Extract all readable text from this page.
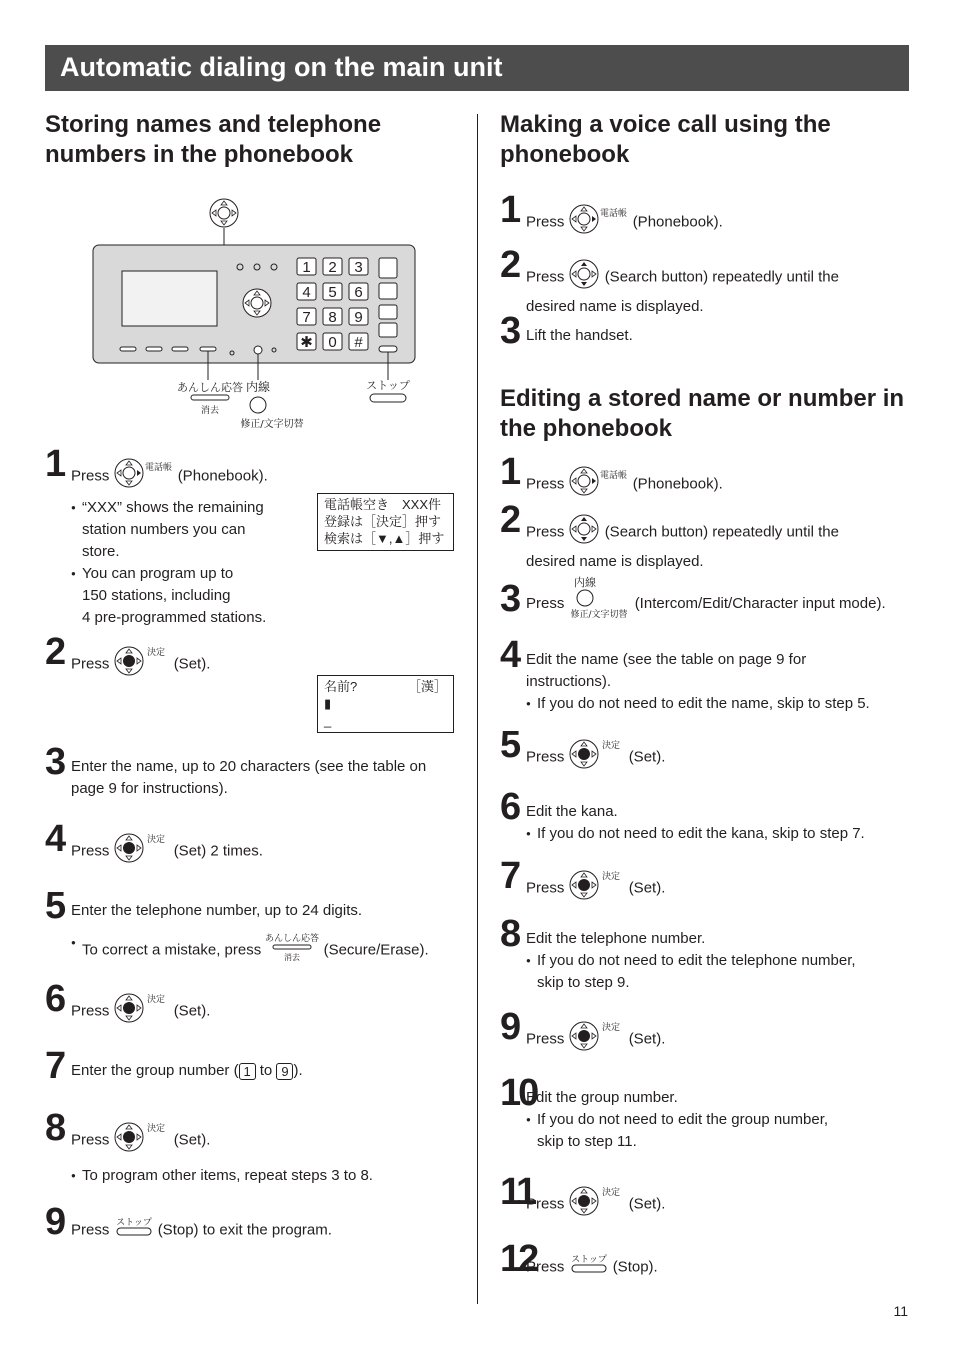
Automatic dialing on the main unit
Storing names and telephone numbers in the phonebook
1 2 3
4 5 6
7 8 9
✱ 0 #
あんしん応答
消去
内線
修正/文字切替
ストップ
1 Press	電話帳 (Phonebook).
● “XXX” shows the remaining
station numbers you can
store.
● You can program up to
150 stations, including
4 pre-programmed stations.
電話帳空き　XXX件
登録は［決定］押す
検索は［▼,▲］押す
2 Press
決定
(Set).
名前?	［漢］
▮
_
3 Enter the name, up to 20 characters (see the table on
page 9 for instructions).
4 Press
決定
(Set) 2 times.
5 Enter the telephone number, up to 24 digits.
● To correct a mistake, press
あんしん応答
消去 (Secure/Erase).
6 Press
決定
(Set).
7 Enter the group number ( 1 to 9 ).
8 Press
決定
(Set).
● To program other items, repeat steps 3 to 8.
9 Press ストップ (Stop) to exit the program.
Making a voice call using the phonebook
1 Press	電話帳 (Phonebook).
2 Press	(Search button) repeatedly until the
desired name is displayed.
3 Lift the handset.
Editing a stored name or number in the phonebook
1 Press	電話帳 (Phonebook).
2 Press	(Search button) repeatedly until the
desired name is displayed.
3 Press
内線
修正/文字切替
(Intercom/Edit/Character input mode).
4 Edit the name (see the table on page 9 for
instructions).
● If you do not need to edit the name, skip to step 5.
5 Press
決定
(Set).
6 Edit the kana.
● If you do not need to edit the kana, skip to step 7.
7 Press
決定
(Set).
8 Edit the telephone number.
● If you do not need to edit the telephone number,
skip to step 9.
9 Press
決定
(Set).
10
Edit the group number.
● If you do not need to edit the group number,
skip to step 11.
11
Press
決定
(Set).
12
Press ストップ (Stop).
11
